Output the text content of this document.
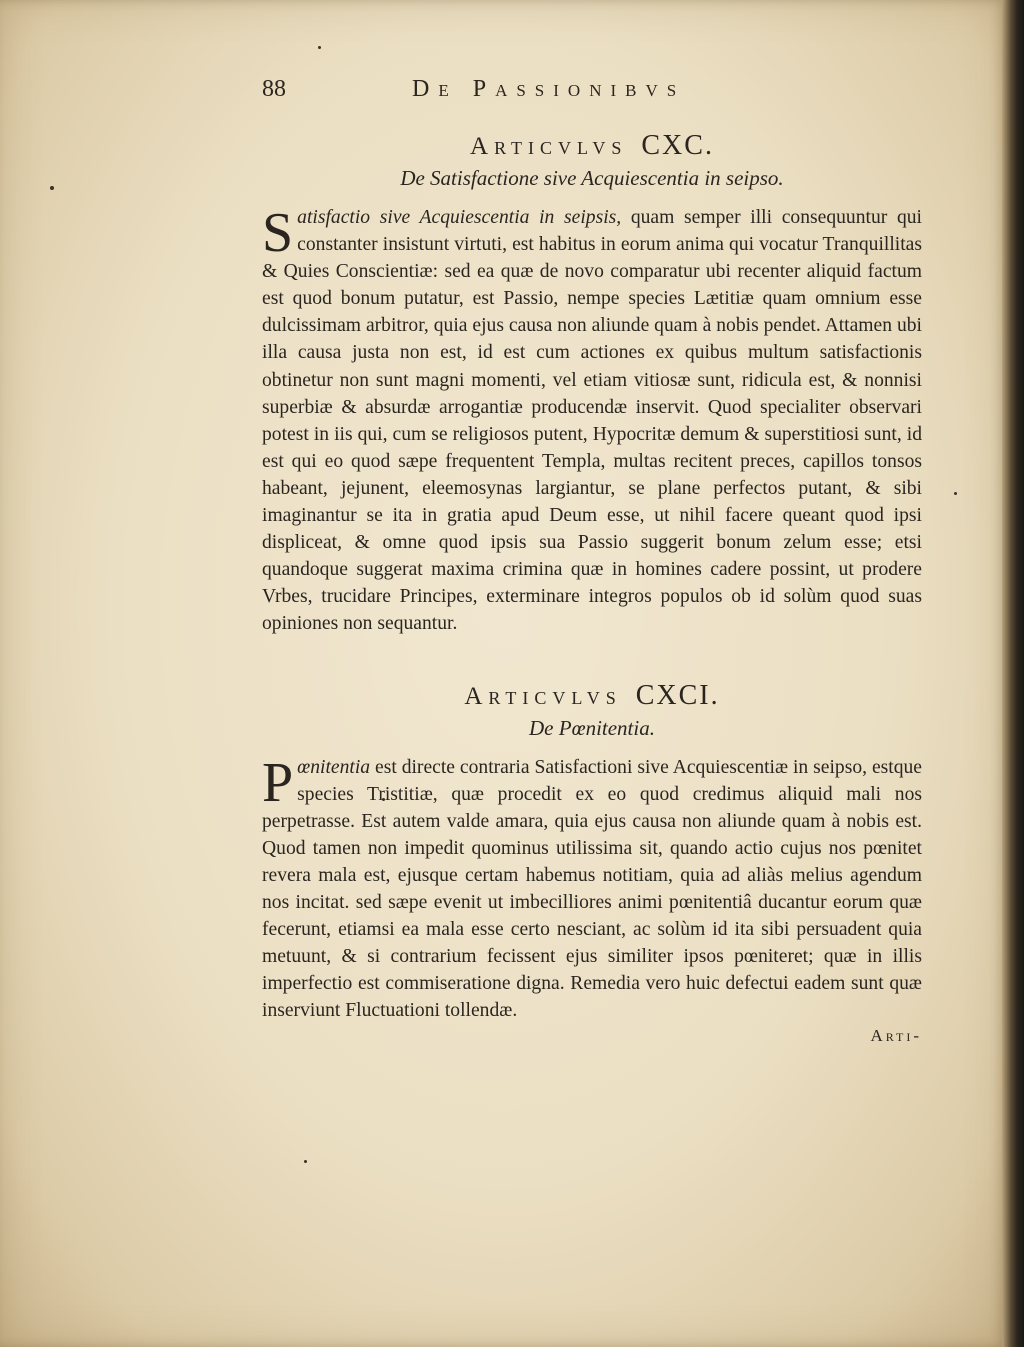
88	De Passionibvs
Articvlvs CXC.
De Satisfactione sive Acquiescentia in seipso.
Satisfactio sive Acquiescentia in seipsis, quam semper illi consequuntur qui constanter insistunt virtuti, est habitus in eorum anima qui vocatur Tranquillitas & Quies Conscientiæ: sed ea quæ de novo comparatur ubi recenter aliquid factum est quod bonum putatur, est Passio, nempe species Lætitiæ quam omnium esse dulcissimam arbitror, quia ejus causa non aliunde quam à nobis pendet. Attamen ubi illa causa justa non est, id est cum actiones ex quibus multum satisfactionis obtinetur non sunt magni momenti, vel etiam vitiosæ sunt, ridicula est, & nonnisi superbiæ & absurdæ arrogantiæ producendæ inservit. Quod specialiter observari potest in iis qui, cum se religiosos putent, Hypocritæ demum & superstitiosi sunt, id est qui eo quod sæpe frequentent Templa, multas recitent preces, capillos tonsos habeant, jejunent, eleemosynas largiantur, se plane perfectos putant, & sibi imaginantur se ita in gratia apud Deum esse, ut nihil facere queant quod ipsi displiceat, & omne quod ipsis sua Passio suggerit bonum zelum esse; etsi quandoque suggerat maxima crimina quæ in homines cadere possint, ut prodere Vrbes, trucidare Principes, exterminare integros populos ob id solùm quod suas opiniones non sequantur.
Articvlvs CXCI.
De Pœnitentia.
Pœnitentia est directe contraria Satisfactioni sive Acquiescentiæ in seipso, estque species Tristitiæ, quæ procedit ex eo quod credimus aliquid mali nos perpetrasse. Est autem valde amara, quia ejus causa non aliunde quam à nobis est. Quod tamen non impedit quominus utilissima sit, quando actio cujus nos pœnitet revera mala est, ejusque certam habemus notitiam, quia ad aliàs melius agendum nos incitat. sed sæpe evenit ut imbecilliores animi pœnitentiâ ducantur eorum quæ fecerunt, etiamsi ea mala esse certo nesciant, ac solùm id ita sibi persuadent quia metuunt, & si contrarium fecissent ejus similiter ipsos pœniteret; quæ in illis imperfectio est commiseratione digna. Remedia vero huic defectui eadem sunt quæ inserviunt Fluctuationi tollendæ.
Arti-
